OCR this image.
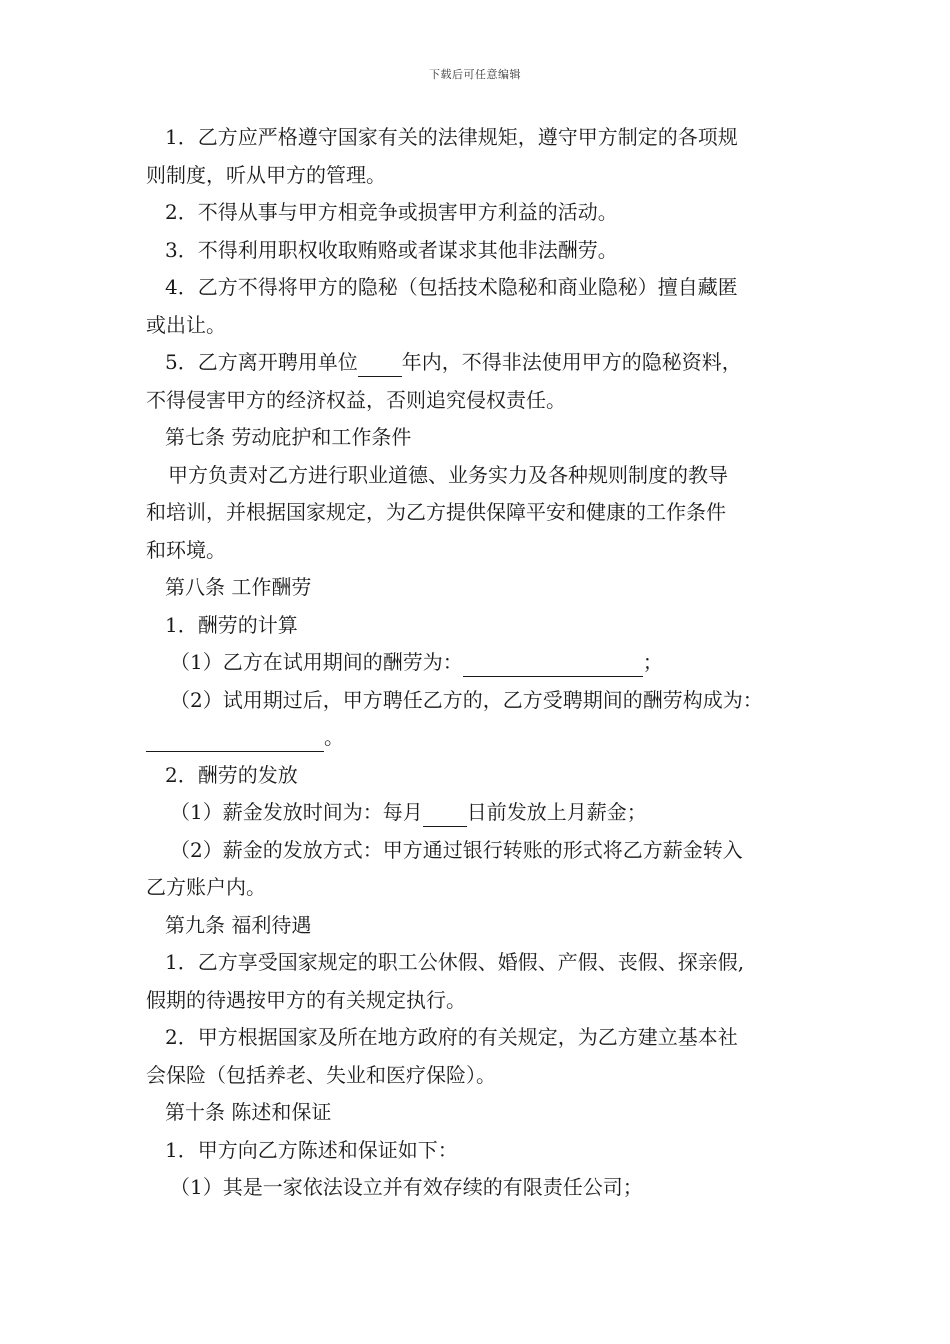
下载后可任意编辑
1．乙方应严格遵守国家有关的法律规矩，遵守甲方制定的各项规
则制度，听从甲方的管理。
2．不得从事与甲方相竞争或损害甲方利益的活动。
3．不得利用职权收取贿赂或者谋求其他非法酬劳。
4．乙方不得将甲方的隐秘（包括技术隐秘和商业隐秘）擅自藏匿
或出让。
5．乙方离开聘用单位 年内，不得非法使用甲方的隐秘资料，
不得侵害甲方的经济权益，否则追究侵权责任。
第七条 劳动庇护和工作条件
甲方负责对乙方进行职业道德、业务实力及各种规则制度的教导
和培训，并根据国家规定，为乙方提供保障平安和健康的工作条件
和环境。
第八条 工作酬劳
1．酬劳的计算
（1）乙方在试用期间的酬劳为：	；
（2）试用期过后，甲方聘任乙方的，乙方受聘期间的酬劳构成为：
。
2．酬劳的发放
（1）薪金发放时间为：每月 日前发放上月薪金；
（2）薪金的发放方式：甲方通过银行转账的形式将乙方薪金转入
乙方账户内。
第九条 福利待遇
1．乙方享受国家规定的职工公休假、婚假、产假、丧假、探亲假,
假期的待遇按甲方的有关规定执行。
2．甲方根据国家及所在地方政府的有关规定，为乙方建立基本社
会保险（包括养老、失业和医疗保险）。
第十条 陈述和保证
1．甲方向乙方陈述和保证如下：
（1）其是一家依法设立并有效存续的有限责任公司；
